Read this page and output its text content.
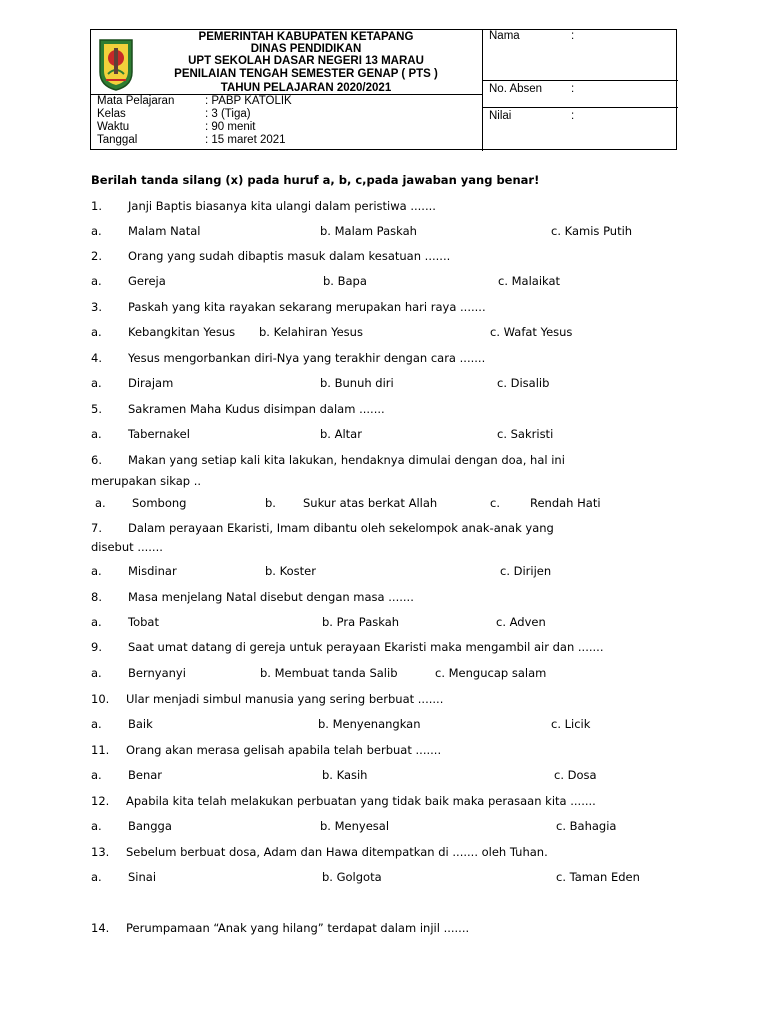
PEMERINTAH KABUPATEN KETAPANG
DINAS PENDIDIKAN
UPT SEKOLAH DASAR NEGERI 13 MARAU
PENILAIAN TENGAH SEMESTER GENAP ( PTS )
TAHUN PELAJARAN 2020/2021
Mata Pelajaran	: PABP KATOLIK
Kelas	: 3 (Tiga)
Waktu	: 90 menit
Tanggal	: 15 maret 2021
Nama	:
No. Absen	:
Nilai	:
Berilah tanda silang (x) pada huruf a, b, c,pada jawaban yang benar!
1. Janji Baptis biasanya kita ulangi dalam peristiwa .......
a. Malam Natal	b. Malam Paskah	c. Kamis Putih
2. Orang yang sudah dibaptis masuk dalam kesatuan .......
a. Gereja	b. Bapa	c. Malaikat
3. Paskah yang kita rayakan sekarang merupakan hari raya .......
a. Kebangkitan Yesus b. Kelahiran Yesus	c. Wafat Yesus
4. Yesus mengorbankan diri-Nya yang terakhir dengan cara .......
a. Dirajam	b. Bunuh diri	c. Disalib
5. Sakramen Maha Kudus disimpan dalam .......
a. Tabernakel	b. Altar	c. Sakristi
6. Makan yang setiap kali kita lakukan, hendaknya dimulai dengan doa, hal ini
merupakan sikap ..
a. Sombong	b. Sukur atas berkat Allah	c.	Rendah Hati
7. Dalam perayaan Ekaristi, Imam dibantu oleh sekelompok anak-anak yang
disebut .......
a. Misdinar	b. Koster	c. Dirijen
8. Masa menjelang Natal disebut dengan masa .......
a. Tobat	b. Pra Paskah	c. Adven
9. Saat umat datang di gereja untuk perayaan Ekaristi maka mengambil air dan .......
a. Bernyanyi	b. Membuat tanda Salib	c. Mengucap salam
10. Ular menjadi simbul manusia yang sering berbuat .......
a. Baik	b. Menyenangkan	c. Licik
11. Orang akan merasa gelisah apabila telah berbuat .......
a. Benar	b. Kasih	c. Dosa
12. Apabila kita telah melakukan perbuatan yang tidak baik maka perasaan kita .......
a. Bangga	b. Menyesal	c. Bahagia
13. Sebelum berbuat dosa, Adam dan Hawa ditempatkan di ....... oleh Tuhan.
a. Sinai	b. Golgota	c. Taman Eden
14. Perumpamaan “Anak yang hilang” terdapat dalam injil .......
